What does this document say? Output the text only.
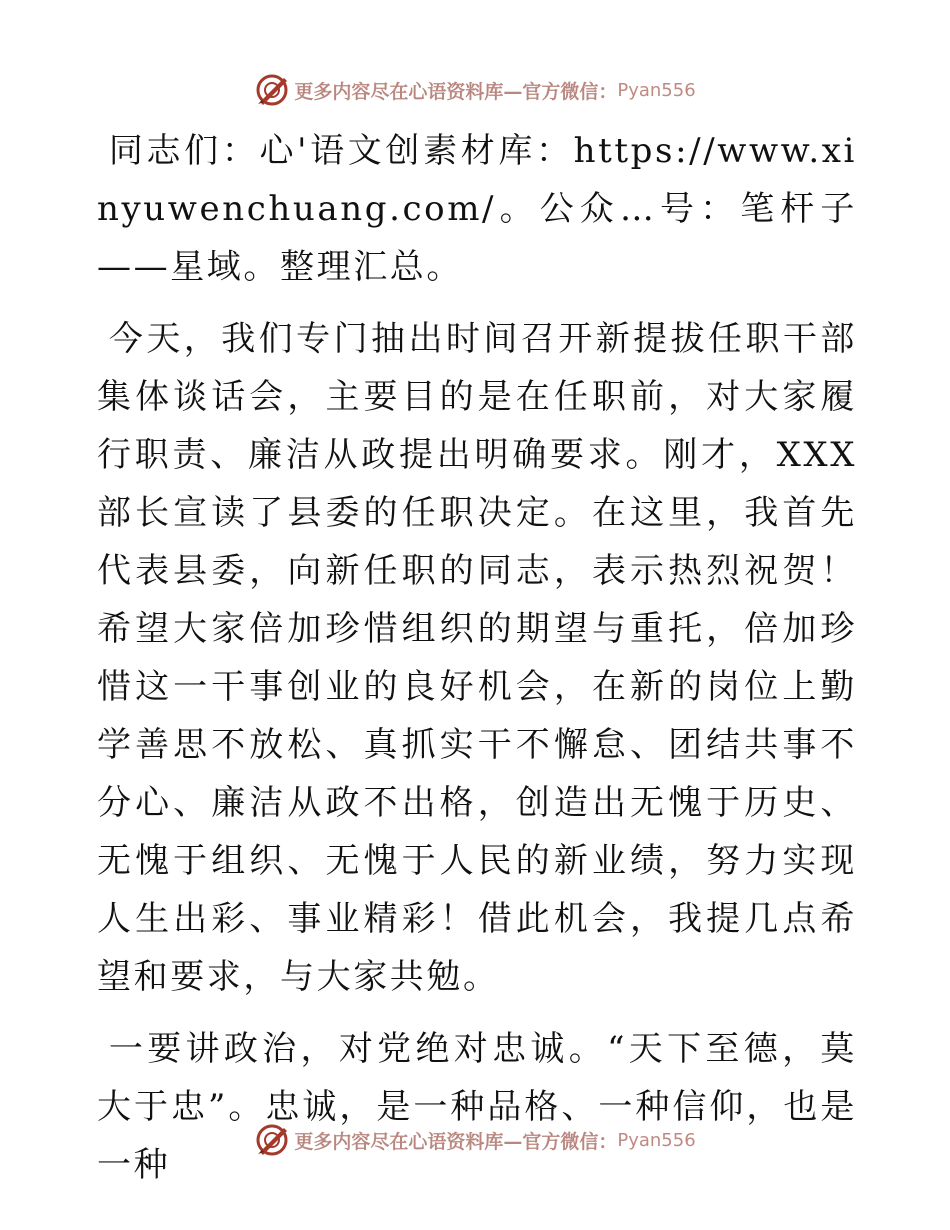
更多内容尽在心语资料库—官方微信： Pyan556

同志们：心'语文创素材库：https://www.xinyuwenchuang.com/。公众…号：笔杆子——星域。整理汇总。

今天，我们专门抽出时间召开新提拔任职干部集体谈话会，主要目的是在任职前，对大家履行职责、廉洁从政提出明确要求。刚才，XXX部长宣读了县委的任职决定。在这里，我首先代表县委，向新任职的同志，表示热烈祝贺！希望大家倍加珍惜组织的期望与重托，倍加珍惜这一干事创业的良好机会，在新的岗位上勤学善思不放松、真抓实干不懈怠、团结共事不分心、廉洁从政不出格，创造出无愧于历史、无愧于组织、无愧于人民的新业绩，努力实现人生出彩、事业精彩！借此机会，我提几点希望和要求，与大家共勉。

一要讲政治，对党绝对忠诚。“天下至德，莫大于忠”。忠诚，是一种品格、一种信仰，也是一种

更多内容尽在心语资料库—官方微信： Pyan556
